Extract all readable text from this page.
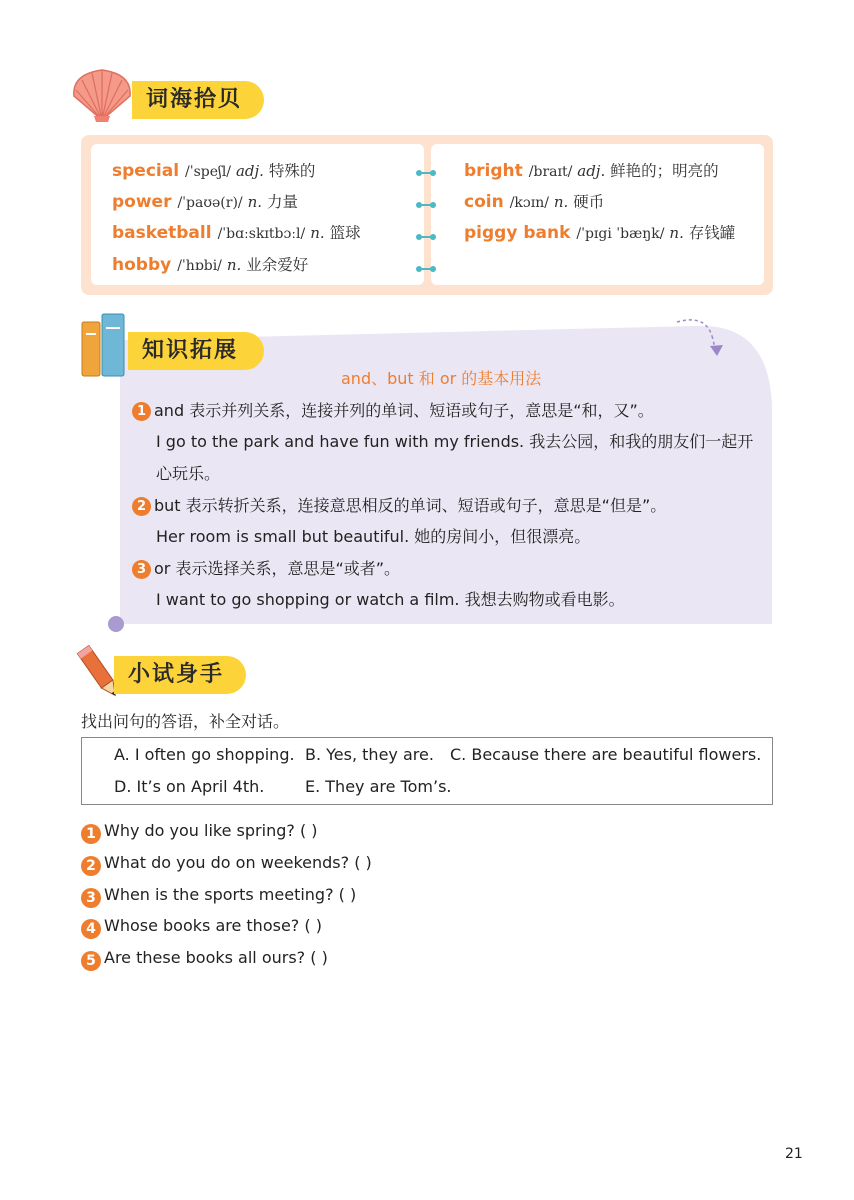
词海拾贝
special /ˈspeʃl/ adj. 特殊的
power /ˈpaʊə(r)/ n. 力量
basketball /ˈbɑːskɪtbɔːl/ n. 篮球
hobby /ˈhɒbi/ n. 业余爱好
bright /braɪt/ adj. 鲜艳的；明亮的
coin /kɔɪn/ n. 硬币
piggy bank /ˈpɪgi ˈbæŋk/ n. 存钱罐
知识拓展
and、but 和 or 的基本用法
1 and 表示并列关系，连接并列的单词、短语或句子，意思是“和，又”。
I go to the park and have fun with my friends. 我去公园，和我的朋友们一起开
心玩乐。
2 but 表示转折关系，连接意思相反的单词、短语或句子，意思是“但是”。
Her room is small but beautiful. 她的房间小，但很漂亮。
3 or 表示选择关系，意思是“或者”。
I want to go shopping or watch a film. 我想去购物或看电影。
小试身手
找出问句的答语，补全对话。
A. I often go shopping. B. Yes, they are. C. Because there are beautiful flowers.
D. It’s on April 4th.	E. They are Tom’s.
1 Why do you like spring? ( )
2 What do you do on weekends? ( )
3 When is the sports meeting? ( )
4 Whose books are those? ( )
5 Are these books all ours? ( )
21
